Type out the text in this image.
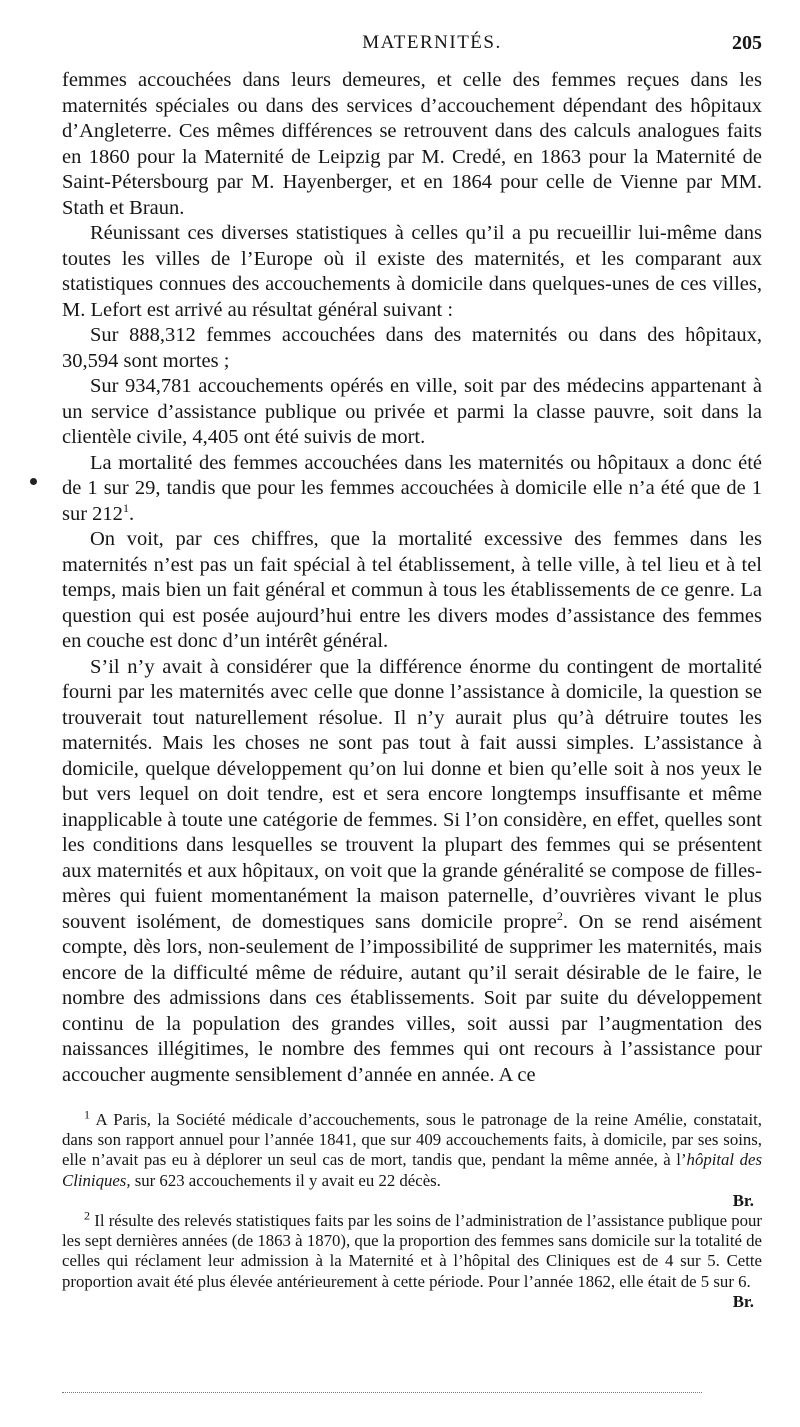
MATERNITÉS.	205

femmes accouchées dans leurs demeures, et celle des femmes reçues dans les maternités spéciales ou dans des services d’accouchement dépendant des hôpitaux d’Angleterre. Ces mêmes différences se retrouvent dans des calculs analogues faits en 1860 pour la Maternité de Leipzig par M. Credé, en 1863 pour la Maternité de Saint-Pétersbourg par M. Hayenberger, et en 1864 pour celle de Vienne par MM. Stath et Braun.

Réunissant ces diverses statistiques à celles qu’il a pu recueillir lui-même dans toutes les villes de l’Europe où il existe des maternités, et les comparant aux statistiques connues des accouchements à domicile dans quelques-unes de ces villes, M. Lefort est arrivé au résultat général suivant :

Sur 888,312 femmes accouchées dans des maternités ou dans des hôpitaux, 30,594 sont mortes ;

Sur 934,781 accouchements opérés en ville, soit par des médecins appartenant à un service d’assistance publique ou privée et parmi la classe pauvre, soit dans la clientèle civile, 4,405 ont été suivis de mort.

La mortalité des femmes accouchées dans les maternités ou hôpitaux a donc été de 1 sur 29, tandis que pour les femmes accouchées à domicile elle n’a été que de 1 sur $212^1$.

On voit, par ces chiffres, que la mortalité excessive des femmes dans les maternités n’est pas un fait spécial à tel établissement, à telle ville, à tel lieu et à tel temps, mais bien un fait général et commun à tous les établissements de ce genre. La question qui est posée aujourd’hui entre les divers modes d’assistance des femmes en couche est donc d’un intérêt général.

S’il n’y avait à considérer que la différence énorme du contingent de mortalité fourni par les maternités avec celle que donne l’assistance à domicile, la question se trouverait tout naturellement résolue. Il n’y aurait plus qu’à détruire toutes les maternités. Mais les choses ne sont pas tout à fait aussi simples. L’assistance à domicile, quelque développement qu’on lui donne et bien qu’elle soit à nos yeux le but vers lequel on doit tendre, est et sera encore longtemps insuffisante et même inapplicable à toute une catégorie de femmes. Si l’on considère, en effet, quelles sont les conditions dans lesquelles se trouvent la plupart des femmes qui se présentent aux maternités et aux hôpitaux, on voit que la grande généralité se compose de filles-mères qui fuient momentanément la maison paternelle, d’ouvrières vivant le plus souvent isolément, de domestiques sans domicile propre$^2$. On se rend aisément compte, dès lors, non-seulement de l’impossibilité de supprimer les maternités, mais encore de la difficulté même de réduire, autant qu’il serait désirable de le faire, le nombre des admissions dans ces établissements. Soit par suite du développement continu de la population des grandes villes, soit aussi par l’augmentation des naissances illégitimes, le nombre des femmes qui ont recours à l’assistance pour accoucher augmente sensiblement d’année en année. A ce

$^1$ A Paris, la Société médicale d’accouchements, sous le patronage de la reine Amélie, constatait, dans son rapport annuel pour l’année 1841, que sur 409 accouchements faits, à domicile, par ses soins, elle n’avait pas eu à déplorer un seul cas de mort, tandis que, pendant la même année, à l’hôpital des Cliniques, sur 623 accouchements il y avait eu 22 décès.

Br.

$^2$ Il résulte des relevés statistiques faits par les soins de l’administration de l’assistance publique pour les sept dernières années (de 1863 à 1870), que la proportion des femmes sans domicile sur la totalité de celles qui réclament leur admission à la Maternité et à l’hôpital des Cliniques est de 4 sur 5. Cette proportion avait été plus élevée antérieurement à cette période. Pour l’année 1862, elle était de 5 sur 6.

Br.
